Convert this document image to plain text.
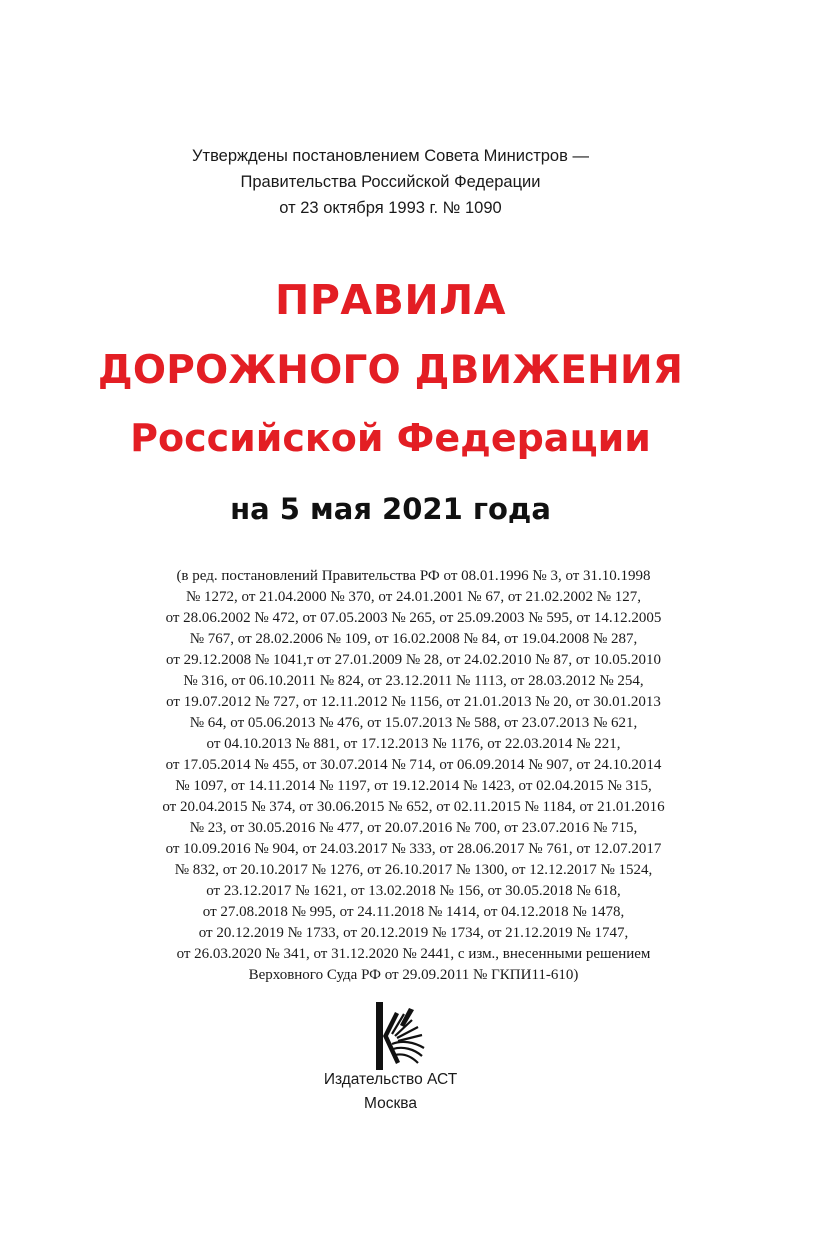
Утверждены постановлением Совета Министров —
Правительства Российской Федерации
от 23 октября 1993 г. № 1090
ПРАВИЛА
ДОРОЖНОГО ДВИЖЕНИЯ
Российской Федерации
на 5 мая 2021 года
(в ред. постановлений Правительства РФ от 08.01.1996 № 3, от 31.10.1998
№ 1272, от 21.04.2000 № 370, от 24.01.2001 № 67, от 21.02.2002 № 127,
от 28.06.2002 № 472, от 07.05.2003 № 265, от 25.09.2003 № 595, от 14.12.2005
№ 767, от 28.02.2006 № 109, от 16.02.2008 № 84, от 19.04.2008 № 287,
от 29.12.2008 № 1041,т от 27.01.2009 № 28, от 24.02.2010 № 87, от 10.05.2010
№ 316, от 06.10.2011 № 824, от 23.12.2011 № 1113, от 28.03.2012 № 254,
от 19.07.2012 № 727, от 12.11.2012 № 1156, от 21.01.2013 № 20, от 30.01.2013
№ 64, от 05.06.2013 № 476, от 15.07.2013 № 588, от 23.07.2013 № 621,
от 04.10.2013 № 881, от 17.12.2013 № 1176, от 22.03.2014 № 221,
от 17.05.2014 № 455, от 30.07.2014 № 714, от 06.09.2014 № 907, от 24.10.2014
№ 1097, от 14.11.2014 № 1197, от 19.12.2014 № 1423, от 02.04.2015 № 315,
от 20.04.2015 № 374, от 30.06.2015 № 652, от 02.11.2015 № 1184, от 21.01.2016
№ 23, от 30.05.2016 № 477, от 20.07.2016 № 700, от 23.07.2016 № 715,
от 10.09.2016 № 904, от 24.03.2017 № 333, от 28.06.2017 № 761, от 12.07.2017
№ 832, от 20.10.2017 № 1276, от 26.10.2017 № 1300, от 12.12.2017 № 1524,
от 23.12.2017 № 1621, от 13.02.2018 № 156, от 30.05.2018 № 618,
от 27.08.2018 № 995, от 24.11.2018 № 1414, от 04.12.2018 № 1478,
от 20.12.2019 № 1733, от 20.12.2019 № 1734, от 21.12.2019 № 1747,
от 26.03.2020 № 341, от 31.12.2020 № 2441, с изм., внесенными решением
Верховного Суда РФ от 29.09.2011 № ГКПИ11-610)
Издательство АСТ
Москва
